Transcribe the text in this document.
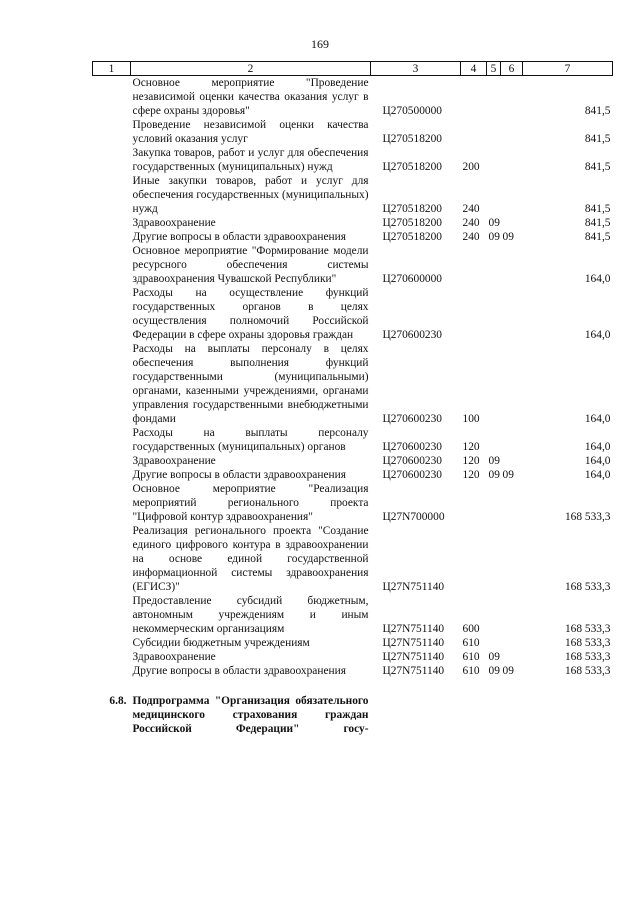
169
1	2	3	4	5	6	7
	Основное мероприятие "Проведение независимой оценки качества оказания услуг в сфере охраны здоровья"	Ц270500000				841,5
	Проведение независимой оценки качества условий оказания услуг	Ц270518200				841,5
	Закупка товаров, работ и услуг для обеспечения государственных (муниципальных) нужд	Ц270518200	200			841,5
	Иные закупки товаров, работ и услуг для обеспечения государственных (муниципальных) нужд	Ц270518200	240			841,5
	Здравоохранение	Ц270518200	240	09		841,5
	Другие вопросы в области здравоохранения	Ц270518200	240	09	09	841,5
	Основное мероприятие "Формирование модели ресурсного обеспечения системы здравоохранения Чувашской Республики"	Ц270600000				164,0
	Расходы на осуществление функций государственных органов в целях осуществления полномочий Российской Федерации в сфере охраны здоровья граждан	Ц270600230				164,0
	Расходы на выплаты персоналу в целях обеспечения выполнения функций государственными (муниципальными) органами, казенными учреждениями, органами управления государственными внебюджетными фондами	Ц270600230	100			164,0
	Расходы на выплаты персоналу государственных (муниципальных) органов	Ц270600230	120			164,0
	Здравоохранение	Ц270600230	120	09		164,0
	Другие вопросы в области здравоохранения	Ц270600230	120	09	09	164,0
	Основное мероприятие "Реализация мероприятий регионального проекта "Цифровой контур здравоохранения"	Ц27N700000				168 533,3
	Реализация регионального проекта "Создание единого цифрового контура в здравоохранении на основе единой государственной информационной системы здравоохранения (ЕГИСЗ)"	Ц27N751140				168 533,3
	Предоставление субсидий бюджетным, автономным учреждениям и иным некоммерческим организациям	Ц27N751140	600			168 533,3
	Субсидии бюджетным учреждениям	Ц27N751140	610			168 533,3
	Здравоохранение	Ц27N751140	610	09		168 533,3
	Другие вопросы в области здравоохранения	Ц27N751140	610	09	09	168 533,3

6.8.	Подпрограмма "Организация обязательного медицинского страхования граждан Российской Федерации" госу-					
